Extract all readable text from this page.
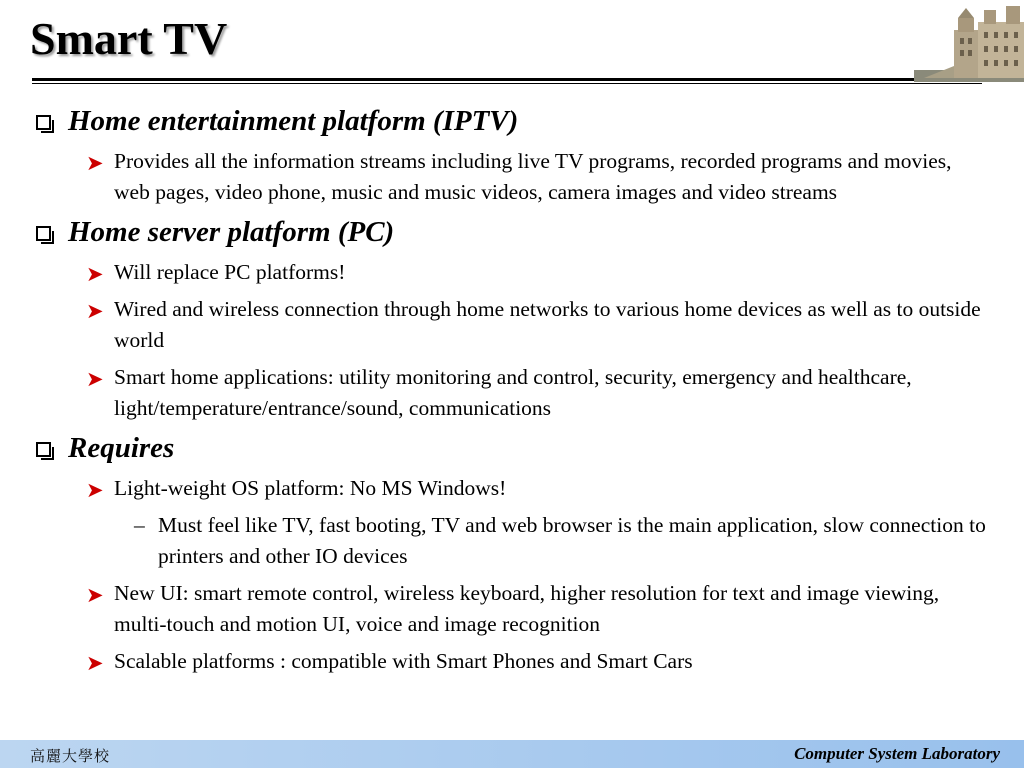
Smart TV
Home entertainment platform (IPTV)
➤ Provides all the information streams including live TV programs, recorded programs and movies, web pages, video phone, music and music videos, camera images and video streams
Home server platform (PC)
➤ Will replace PC platforms!
➤ Wired and wireless connection through home networks to various home devices as well as to outside world
➤ Smart home applications: utility monitoring and control, security, emergency and healthcare, light/temperature/entrance/sound, communications
Requires
➤ Light-weight OS platform: No MS Windows!
– Must feel like TV, fast booting, TV and web browser is the main application, slow connection to printers and other IO devices
➤ New UI: smart remote control, wireless keyboard, higher resolution for text and image viewing, multi-touch and motion UI, voice and image recognition
➤ Scalable platforms : compatible with Smart Phones and Smart Cars
高麗大學校	Computer System Laboratory
